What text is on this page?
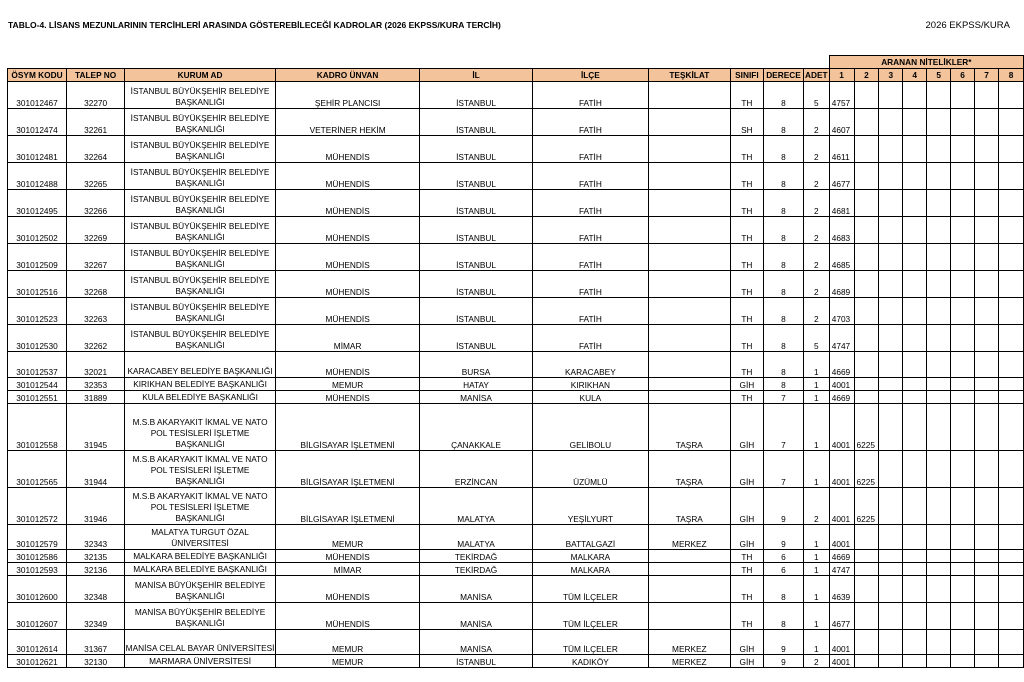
TABLO-4. LİSANS MEZUNLARININ TERCİHLERİ ARASINDA GÖSTEREBİLECEĞİ KADROLAR (2026 EKPSS/KURA TERCİH)	2026 EKPSS/KURA
										ARANAN NİTELİKLER*							
ÖSYM KODU	TALEP NO	KURUM AD	KADRO ÜNVAN	İL	İLÇE	TEŞKİLAT	SINIFI	DERECE	ADET	1	2	3	4	5	6	7	8
301012467	32270	İSTANBUL BÜYÜKŞEHİR BELEDİYE
BAŞKANLIĞI	ŞEHİR PLANCISI	İSTANBUL	FATİH		TH	8	5	4757							
301012474	32261	İSTANBUL BÜYÜKŞEHİR BELEDİYE
BAŞKANLIĞI	VETERİNER HEKİM	İSTANBUL	FATİH		SH	8	2	4607							
301012481	32264	İSTANBUL BÜYÜKŞEHİR BELEDİYE
BAŞKANLIĞI	MÜHENDİS	İSTANBUL	FATİH		TH	8	2	4611							
301012488	32265	İSTANBUL BÜYÜKŞEHİR BELEDİYE
BAŞKANLIĞI	MÜHENDİS	İSTANBUL	FATİH		TH	8	2	4677							
301012495	32266	İSTANBUL BÜYÜKŞEHİR BELEDİYE
BAŞKANLIĞI	MÜHENDİS	İSTANBUL	FATİH		TH	8	2	4681							
301012502	32269	İSTANBUL BÜYÜKŞEHİR BELEDİYE
BAŞKANLIĞI	MÜHENDİS	İSTANBUL	FATİH		TH	8	2	4683							
301012509	32267	İSTANBUL BÜYÜKŞEHİR BELEDİYE
BAŞKANLIĞI	MÜHENDİS	İSTANBUL	FATİH		TH	8	2	4685							
301012516	32268	İSTANBUL BÜYÜKŞEHİR BELEDİYE
BAŞKANLIĞI	MÜHENDİS	İSTANBUL	FATİH		TH	8	2	4689							
301012523	32263	İSTANBUL BÜYÜKŞEHİR BELEDİYE
BAŞKANLIĞI	MÜHENDİS	İSTANBUL	FATİH		TH	8	2	4703							
301012530	32262	İSTANBUL BÜYÜKŞEHİR BELEDİYE
BAŞKANLIĞI	MİMAR	İSTANBUL	FATİH		TH	8	5	4747							
301012537	32021	KARACABEY BELEDİYE BAŞKANLIĞI	MÜHENDİS	BURSA	KARACABEY		TH	8	1	4669							
301012544	32353	KIRIKHAN BELEDİYE BAŞKANLIĞI	MEMUR	HATAY	KIRIKHAN		GİH	8	1	4001							
301012551	31889	KULA BELEDİYE BAŞKANLIĞI	MÜHENDİS	MANİSA	KULA		TH	7	1	4669							
301012558	31945	M.S.B AKARYAKIT İKMAL VE NATO
POL TESİSLERİ İŞLETME BAŞKANLIĞI	BİLGİSAYAR İŞLETMENİ	ÇANAKKALE	GELİBOLU	TAŞRA	GİH	7	1	4001	6225						
301012565	31944	M.S.B AKARYAKIT İKMAL VE NATO
POL TESİSLERİ İŞLETME BAŞKANLIĞI	BİLGİSAYAR İŞLETMENİ	ERZİNCAN	ÜZÜMLÜ	TAŞRA	GİH	7	1	4001	6225						
301012572	31946	M.S.B AKARYAKIT İKMAL VE NATO
POL TESİSLERİ İŞLETME BAŞKANLIĞI	BİLGİSAYAR İŞLETMENİ	MALATYA	YEŞİLYURT	TAŞRA	GİH	9	2	4001	6225						
301012579	32343	MALATYA TURGUT ÖZAL
ÜNİVERSİTESİ	MEMUR	MALATYA	BATTALGAZİ	MERKEZ	GİH	9	1	4001							
301012586	32135	MALKARA BELEDİYE BAŞKANLIĞI	MÜHENDİS	TEKİRDAĞ	MALKARA		TH	6	1	4669							
301012593	32136	MALKARA BELEDİYE BAŞKANLIĞI	MİMAR	TEKİRDAĞ	MALKARA		TH	6	1	4747							
301012600	32348	MANİSA BÜYÜKŞEHİR BELEDİYE
BAŞKANLIĞI	MÜHENDİS	MANİSA	TÜM İLÇELER		TH	8	1	4639							
301012607	32349	MANİSA BÜYÜKŞEHİR BELEDİYE
BAŞKANLIĞI	MÜHENDİS	MANİSA	TÜM İLÇELER		TH	8	1	4677							
301012614	31367	MANİSA CELAL BAYAR ÜNİVERSİTESİ	MEMUR	MANİSA	TÜM İLÇELER	MERKEZ	GİH	9	1	4001							
301012621	32130	MARMARA ÜNİVERSİTESİ	MEMUR	İSTANBUL	KADIKÖY	MERKEZ	GİH	9	2	4001							
